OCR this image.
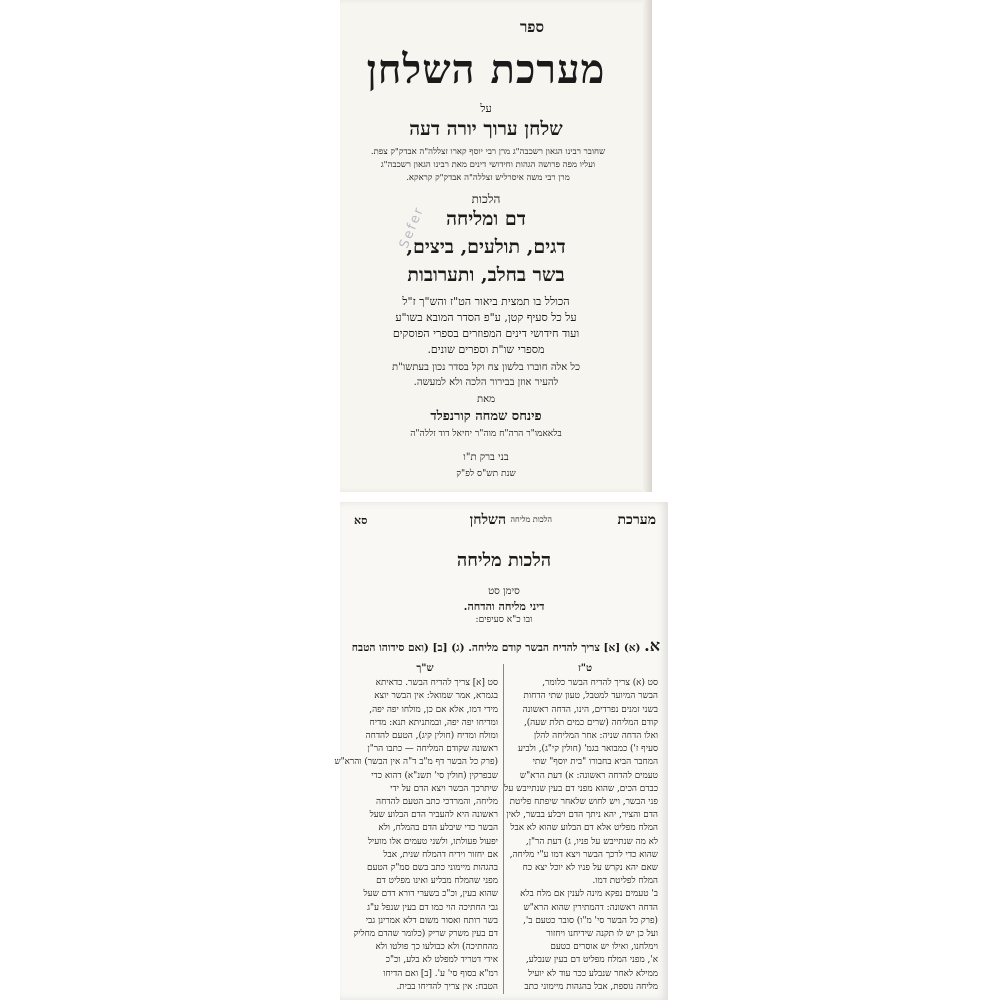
ספר
מערכת השלחן
על
שלחן ערוך יורה דעה
שחובר רבינו הגאון רשכבה"ג מרן רבי יוסף קארו זצללה"ה אבדק"ק צפת.
ועליו מפה פרושה הגהות וחידושי דינים מאת רבינו הגאון רשכבה"ג
מרן רבי משה איסרליש זצללה"ה אבדק"ק קראקא.
הלכות
דם ומליחה
דגים, תולעים, ביצים,
בשר בחלב, ותערובות
הכולל בו תמצית ביאור הט"ז והש"ך ז"ל
על כל סעיף קטן, ע"פ הסדר המובא בשו"ע
ועוד חידושי דינים המפוזרים בספרי הפוסקים
מספרי שו"ת וספרים שונים.
כל אלה חוברו בלשון צח וקל בסדר נכון בעתשו"ת
להעיר אוזן בבירור הלכה ולא למעשה.
מאת
פינחס שמחה קורנפלד
בלאאמו"ר הרה"ח מוה"ר יחיאל דוד זללה"ה
בני ברק ת"ו
שנת תש"ס לפ"ק
Sefer
מערכת
הלכות מליחה
השלחן
סא
הלכות מליחה
סימן סט
דיני מליחה והדחה.
ובו כ"א סעיפים:
א. (א) [א] צריך להדיח הבשר קודם מליחה. (ג) [ב] (ואם סידוהו הטבח
ט"ז
סט (א) צריך להדיח הבשר כלומר,
הבשר המיועד למטבל, טעון שתי הדחות
בשני זמנים נפרדים, הינו, הדחה ראשונה
קודם המליחה (שרים כמים תלת שעה),
ואלו הדחה שניה: אחר המליחה להלן
סעיף ז') כמבואר בגמ' (חולין קי"ג), ולביע
המחבר הביא בחבורו "בית יוסף" שתי
טעמים להדחה ראשונה: א) דעת הרא"ש
כבדם הכים, שהוא מפני דם בעין שנתייבש על
פני הבשר, ויש לחוש שלאחר שיפתח פליטת
הדם והציר, יהא ניתך הדם ויבלע בבשר, לאין
המלח מפליט אלא דם הבלוע שהוא לא אבל
לא מה שנתייבש על פניו, ג) דעת הר"ן,
שהוא כדי לרכך הבשר ויצא דמו ע"י מליחה,
שאם יהא נקרש על פניו לא יוכל יצא כח
המלח לפליטת דמו.
ב' טעמים נפקא מינה לענין אם מלח בלא
הדחה ראשונה: דהמתירין שהוא הרא"ש
(פרק כל הבשר סי' מ"ו) סובר כטעם ב',
ועל כן יש לו תקנה שידיחנו ויחזור
וימלחנו, ואילו יש אוסרים כטעם
א', מפני המלח מפליט דם בעין שנבלע,
ממילא לאחר שנבלע ככר עוד לא יועיל
מליחה נוספת, אבל בהגהות מיימוני כתב
ש"ך
סט [א] צריך להדיח הבשר. כדאיתא
בגמרא, אמר שמואל: אין הבשר יוצא
מידי דמו, אלא אם כן, מולחו יפה יפה,
ומדיחו יפה יפה, ובמתניתא תנא: מדיח
ומולח ומדיח (חולין קיג), הטעם להדחה
ראשונה שקודם המליחה — כתבו הר"ן
(פרק כל הבשר דף מ"ב ד"ה אין הבשר) והרא"ש
שבפרקין (חולין סי' תשנ"א) דהוא כדי
שיתרכך הבשר ויצא הדם על ידי
מליחה, והמרדכי כתב הטעם להדחה
ראשונה היא להעביר הדם הבלוע שעל
הבשר כדי שיבלע הדם בהמלח, ולא
יפעול פעולתו, ולשני טעמים אלו מועיל
אם יחזור וידיח דהמלח שנית, אבל
בהגהות מיימוני כתב בשם סמ"ק הטעם
מפני שהמלח מבליע ואינו מפליט דם
שהוא בעין, וכ"כ בשערי דורא דדם שעל
גבי החתיכה הוי כמו דם בעין שנפל ע"ג
בשר רותח ואסור משום דלא אמרינן גבי
דם בעין משרק שריק (כלומר שהדם מחליק
מהחתיכה) ולא כבולעו כך פולטו ולא
אידי דטריד למפלט לא בלע, וכ"כ
רמ"א בסוף סי' ע'. [ב] ואם הדיחו
הטבח: אין צריך להדיחו בבית.
